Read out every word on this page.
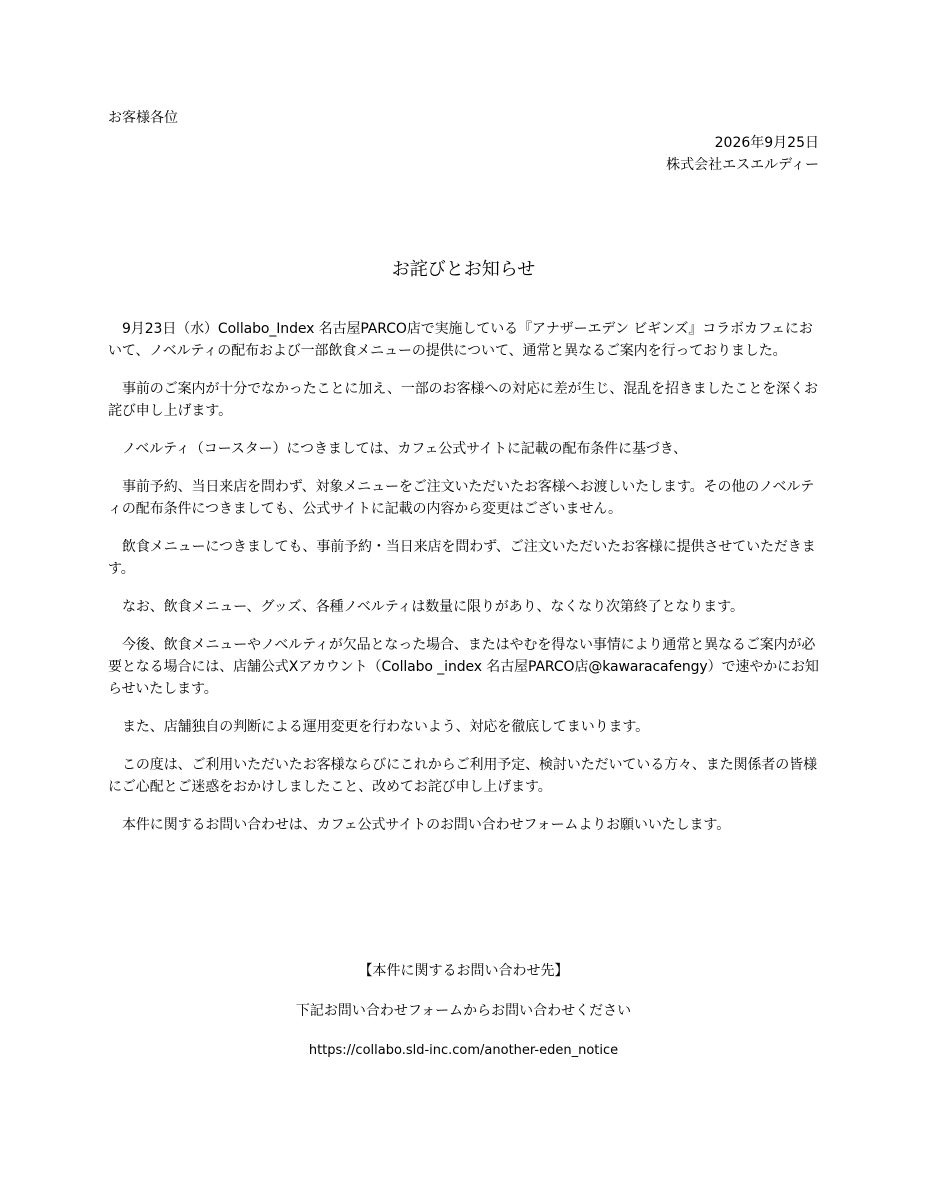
お客様各位
2026年9月25日
株式会社エスエルディー
お詫びとお知らせ

9月23日（水）Collabo_Index 名古屋PARCO店で実施している『アナザーエデン ビギンズ』コラボカフェにおいて、ノベルティの配布および一部飲食メニューの提供について、通常と異なるご案内を行っておりました。

事前のご案内が十分でなかったことに加え、一部のお客様への対応に差が生じ、混乱を招きましたことを深くお詫び申し上げます。

ノベルティ（コースター）につきましては、カフェ公式サイトに記載の配布条件に基づき、

事前予約、当日来店を問わず、対象メニューをご注文いただいたお客様へお渡しいたします。その他のノベルティの配布条件につきましても、公式サイトに記載の内容から変更はございません。

飲食メニューにつきましても、事前予約・当日来店を問わず、ご注文いただいたお客様に提供させていただきます。

なお、飲食メニュー、グッズ、各種ノベルティは数量に限りがあり、なくなり次第終了となります。

今後、飲食メニューやノベルティが欠品となった場合、またはやむを得ない事情により通常と異なるご案内が必要となる場合には、店舗公式Xアカウント（Collabo _index 名古屋PARCO店@kawaracafengy）で速やかにお知らせいたします。

また、店舗独自の判断による運用変更を行わないよう、対応を徹底してまいります。

この度は、ご利用いただいたお客様ならびにこれからご利用予定、検討いただいている方々、また関係者の皆様にご心配とご迷惑をおかけしましたこと、改めてお詫び申し上げます。

本件に関するお問い合わせは、カフェ公式サイトのお問い合わせフォームよりお願いいたします。

【本件に関するお問い合わせ先】
下記お問い合わせフォームからお問い合わせください
https://collabo.sld-inc.com/another-eden_notice
